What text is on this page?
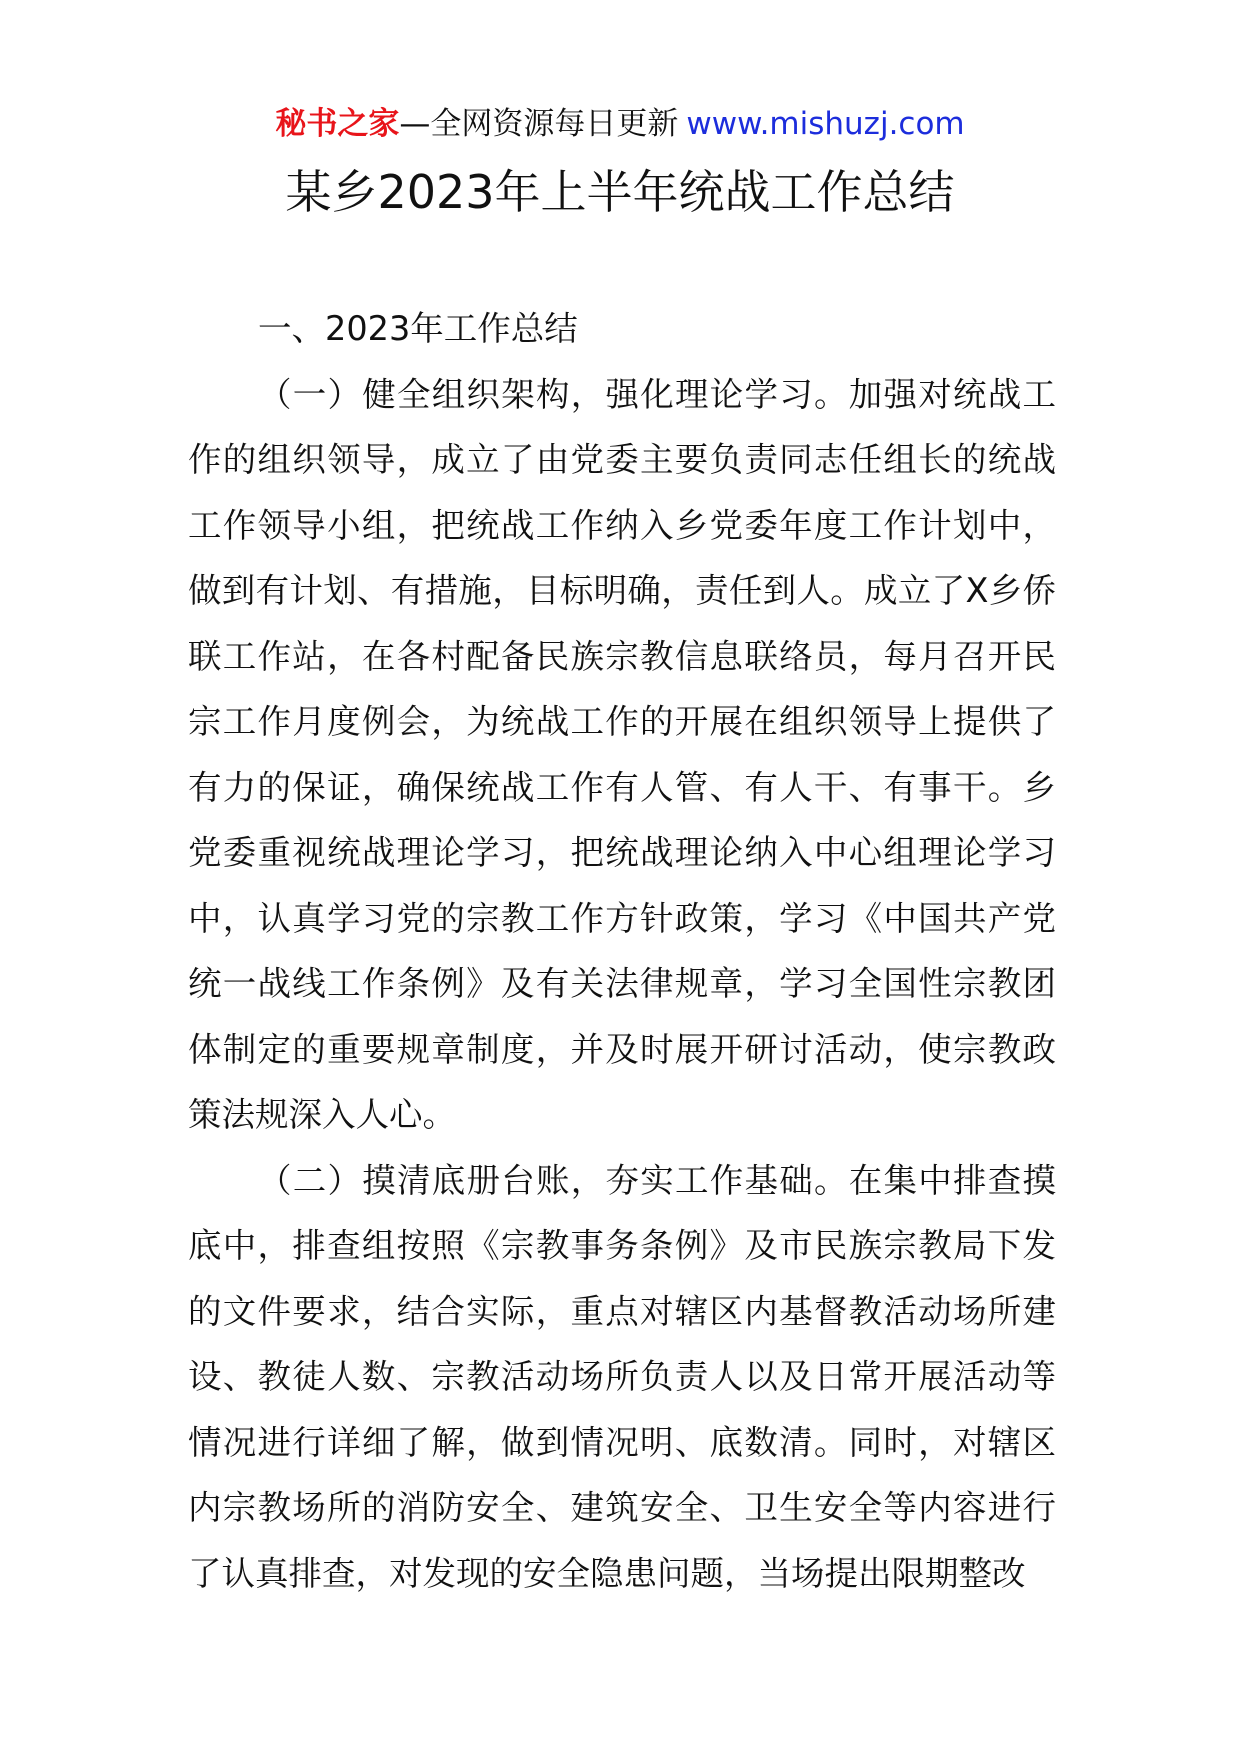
秘书之家—全网资源每日更新 www.mishuzj.com
某乡2023年上半年统战工作总结

一、2023年工作总结

（一）健全组织架构，强化理论学习。加强对统战工作的组织领导，成立了由党委主要负责同志任组长的统战工作领导小组，把统战工作纳入乡党委年度工作计划中，做到有计划、有措施，目标明确，责任到人。成立了X乡侨联工作站，在各村配备民族宗教信息联络员，每月召开民宗工作月度例会，为统战工作的开展在组织领导上提供了有力的保证，确保统战工作有人管、有人干、有事干。乡党委重视统战理论学习，把统战理论纳入中心组理论学习中，认真学习党的宗教工作方针政策，学习《中国共产党统一战线工作条例》及有关法律规章，学习全国性宗教团体制定的重要规章制度，并及时展开研讨活动，使宗教政策法规深入人心。

（二）摸清底册台账，夯实工作基础。在集中排查摸底中，排查组按照《宗教事务条例》及市民族宗教局下发的文件要求，结合实际，重点对辖区内基督教活动场所建设、教徒人数、宗教活动场所负责人以及日常开展活动等情况进行详细了解，做到情况明、底数清。同时，对辖区内宗教场所的消防安全、建筑安全、卫生安全等内容进行了认真排查，对发现的安全隐患问题，当场提出限期整改
